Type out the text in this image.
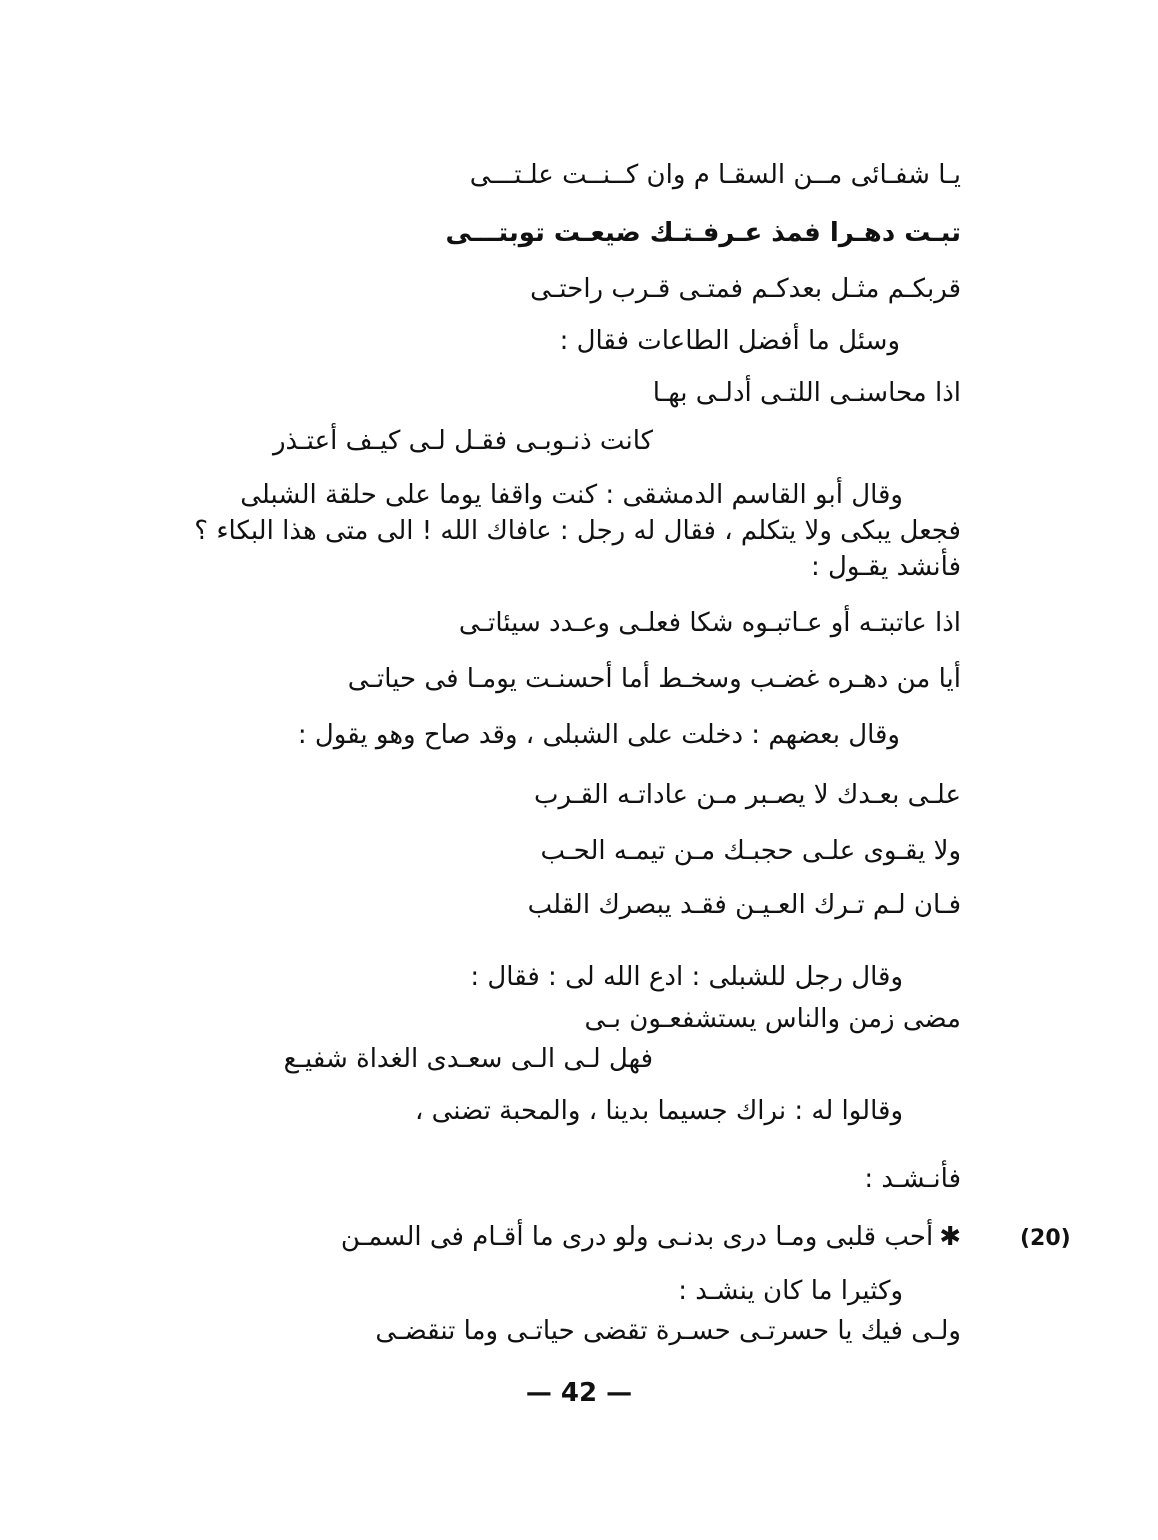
يـا شفـائى مــن السقـا م وان كــنــت علـتـــى
تبـت دهـرا فمذ عـرفـتـك ضيعـت توبتـــى
قربكـم مثـل بعدكـم فمتـى قـرب راحتـى
وسئل ما أفضل الطاعات فقال :
اذا محاسنـى اللتـى أدلـى بهـا
كانت ذنـوبـى فقـل لـى كيـف أعتـذر
وقال أبو القاسم الدمشقى : كنت واقفا يوما على حلقة الشبلى
فجعل يبكى ولا يتكلم ، فقال له رجل : عافاك الله ! الى متى هذا البكاء ؟
فأنشد يقـول :
اذا عاتبتـه أو عـاتبـوه شكا فعلـى وعـدد سيئاتـى
أيا من دهـره غضـب وسخـط أما أحسنـت يومـا فى حياتـى
وقال بعضهم : دخلت على الشبلى ، وقد صاح وهو يقول :
علـى بعـدك لا يصـبر مـن عاداتـه القـرب
ولا يقـوى علـى حجبـك مـن تيمـه الحـب
فـان لـم تـرك العـيـن فقـد يبصرك القلب
وقال رجل للشبلى : ادع الله لى : فقال :
مضى زمن والناس يستشفعـون بـى
فهل لـى الـى سعـدى الغداة شفيـع
وقالوا له : نراك جسيما بدينا ، والمحبة تضنى ،
فأنـشـد :
✱أحب قلبى ومـا درى بدنـى ولو درى ما أقـام فى السمـن	(20)
وكثيرا ما كان ينشـد :
ولـى فيك يا حسرتـى حسـرة تقضى حياتـى وما تنقضـى
— 42 —
